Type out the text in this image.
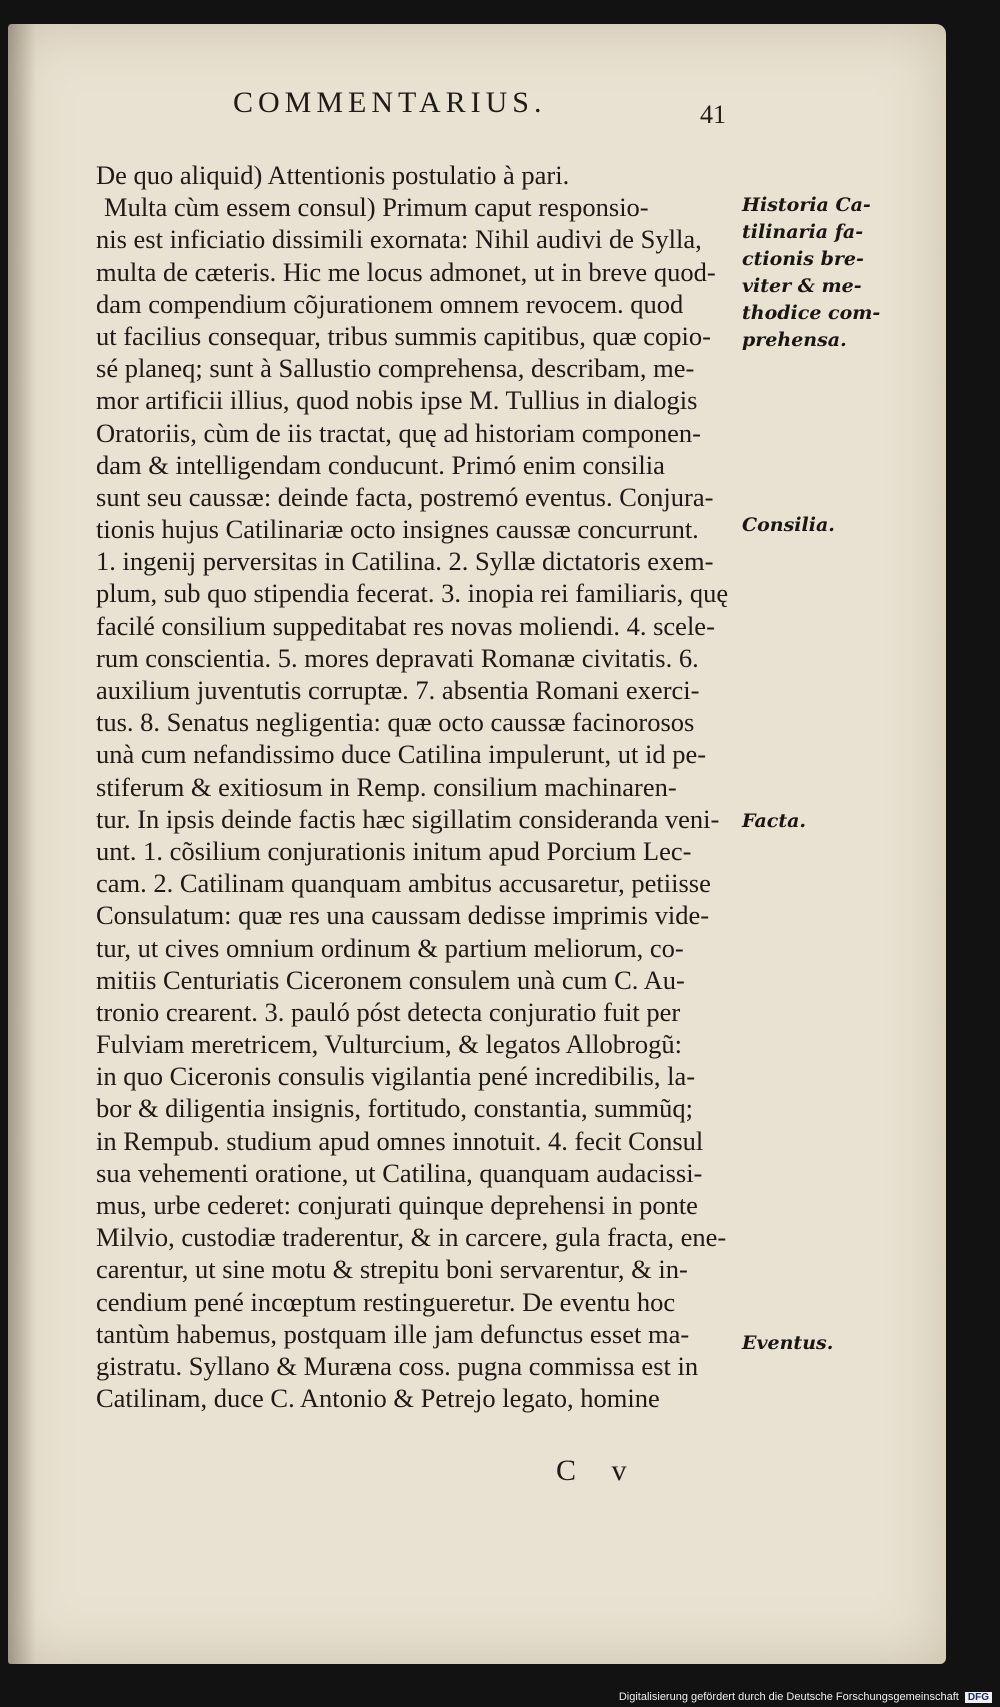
COMMENTARIUS.	41
De quo aliquid) Attentionis postulatio à pari.
Multa cùm essem consul) Primum caput responsio-
nis est inficiatio dissimili exornata: Nihil audivi de Sylla,
multa de cæteris. Hic me locus admonet, ut in breve quod-
dam compendium cõjurationem omnem revocem. quod
ut facilius consequar, tribus summis capitibus, quæ copio-
sé planeq; sunt à Sallustio comprehensa, describam, me-
mor artificii illius, quod nobis ipse M. Tullius in dialogis
Oratoriis, cùm de iis tractat, quę ad historiam componen-
dam & intelligendam conducunt. Primó enim consilia
sunt seu caussæ: deinde facta, postremó eventus. Conjura-
tionis hujus Catilinariæ octo insignes caussæ concurrunt.
1. ingenij perversitas in Catilina. 2. Syllæ dictatoris exem-
plum, sub quo stipendia fecerat. 3. inopia rei familiaris, quę
facilé consilium suppeditabat res novas moliendi. 4. scele-
rum conscientia. 5. mores depravati Romanæ civitatis. 6.
auxilium juventutis corruptæ. 7. absentia Romani exerci-
tus. 8. Senatus negligentia: quæ octo caussæ facinorosos
unà cum nefandissimo duce Catilina impulerunt, ut id pe-
stiferum & exitiosum in Remp. consilium machinaren-
tur. In ipsis deinde factis hæc sigillatim consideranda veni-
unt. 1. cõsilium conjurationis initum apud Porcium Lec-
cam. 2. Catilinam quanquam ambitus accusaretur, petiisse
Consulatum: quæ res una caussam dedisse imprimis vide-
tur, ut cives omnium ordinum & partium meliorum, co-
mitiis Centuriatis Ciceronem consulem unà cum C. Au-
tronio crearent. 3. pauló póst detecta conjuratio fuit per
Fulviam meretricem, Vulturcium, & legatos Allobrogũ:
in quo Ciceronis consulis vigilantia pené incredibilis, la-
bor & diligentia insignis, fortitudo, constantia, summũq;
in Rempub. studium apud omnes innotuit. 4. fecit Consul
sua vehementi oratione, ut Catilina, quanquam audacissi-
mus, urbe cederet: conjurati quinque deprehensi in ponte
Milvio, custodiæ traderentur, & in carcere, gula fracta, ene-
carentur, ut sine motu & strepitu boni servarentur, & in-
cendium pené incœptum restingueretur. De eventu hoc
tantùm habemus, postquam ille jam defunctus esset ma-
gistratu. Syllano & Muræna coss. pugna commissa est in
Catilinam, duce C. Antonio & Petrejo legato, homine
Historia Ca-
tilinaria fa-
ctionis bre-
viter & me-
thodice com-
prehensa.
Consilia.
Facta.
Eventus.
C v
Digitalisierung gefördert durch die Deutsche Forschungsgemeinschaft DFG
